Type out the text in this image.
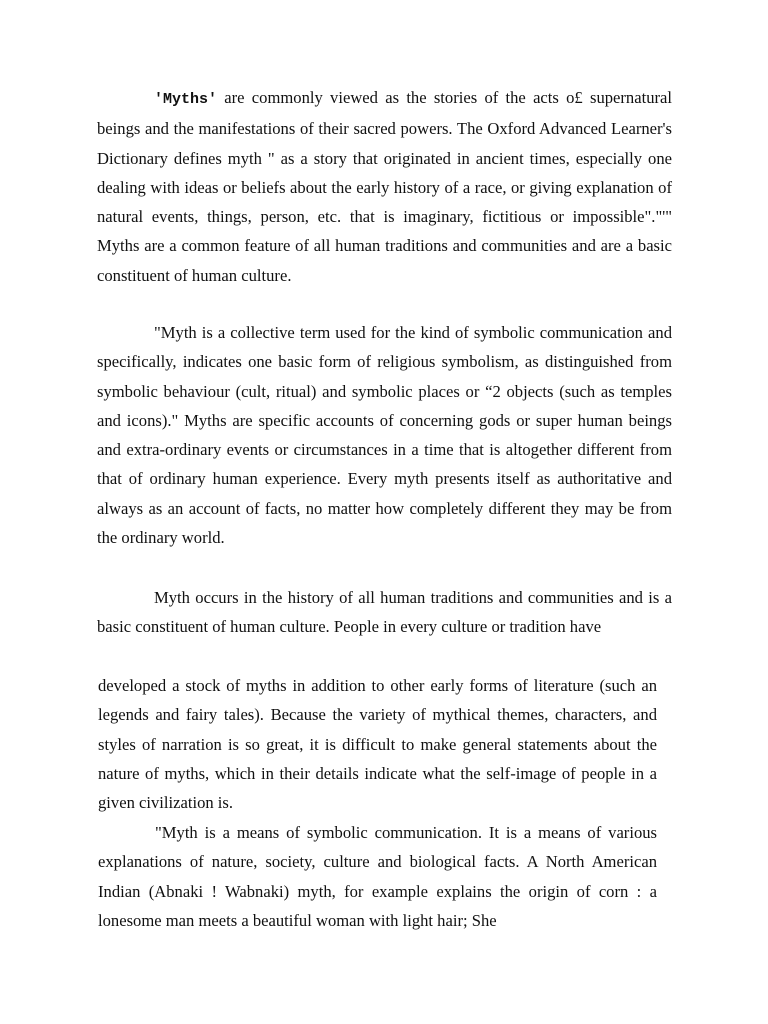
'Myths' are commonly viewed as the stories of the acts o£ supernatural beings and the manifestations of their sacred powers. The Oxford Advanced Learner's Dictionary defines myth " as a story that originated in ancient times, especially one dealing with ideas or beliefs about the early history of a race, or giving explanation of natural events, things, person, etc. that is imaginary, fictitious or impossible"."'" Myths are a common feature of all human traditions and communities and are a basic constituent of human culture.

"Myth is a collective term used for the kind of symbolic communication and specifically, indicates one basic form of religious symbolism, as distinguished from symbolic behaviour (cult, ritual) and symbolic places or “2 objects (such as temples and icons)." Myths are specific accounts of concerning gods or super human beings and extra-ordinary events or circumstances in a time that is altogether different from that of ordinary human experience. Every myth presents itself as authoritative and always as an account of facts, no matter how completely different they may be from the ordinary world.

Myth occurs in the history of all human traditions and communities and is a basic constituent of human culture. People in every culture or tradition have

developed a stock of myths in addition to other early forms of literature (such an legends and fairy tales). Because the variety of mythical themes, characters, and styles of narration is so great, it is difficult to make general statements about the nature of myths, which in their details indicate what the self-image of people in a given civilization is.

"Myth is a means of symbolic communication. It is a means of various explanations of nature, society, culture and biological facts. A North American Indian (Abnaki ! Wabnaki) myth, for example explains the origin of corn : a lonesome man meets a beautiful woman with light hair; She
